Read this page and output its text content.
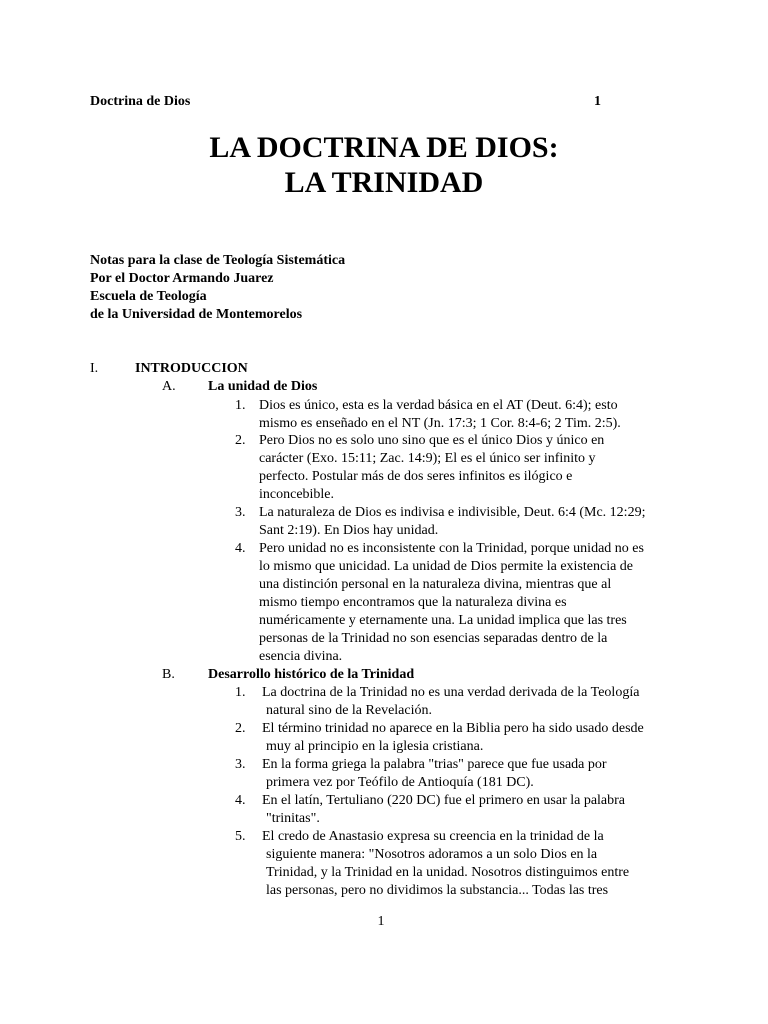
Doctrina de Dios	1
LA DOCTRINA DE DIOS:
LA TRINIDAD
Notas para la clase de Teología Sistemática
Por el Doctor Armando Juarez
Escuela de Teología
de la Universidad de Montemorelos
I.	INTRODUCCION
A. La unidad de Dios
1. Dios es único, esta es la verdad básica en el AT (Deut. 6:4); esto
mismo es enseñado en el NT (Jn. 17:3; 1 Cor. 8:4-6; 2 Tim. 2:5).
2. Pero Dios no es solo uno sino que es el único Dios y único en
carácter (Exo. 15:11; Zac. 14:9); El es el único ser infinito y
perfecto. Postular más de dos seres infinitos es ilógico e
inconcebible.
3. La naturaleza de Dios es indivisa e indivisible, Deut. 6:4 (Mc. 12:29;
Sant 2:19). En Dios hay unidad.
4. Pero unidad no es inconsistente con la Trinidad, porque unidad no es
lo mismo que unicidad. La unidad de Dios permite la existencia de
una distinción personal en la naturaleza divina, mientras que al
mismo tiempo encontramos que la naturaleza divina es
numéricamente y eternamente una. La unidad implica que las tres
personas de la Trinidad no son esencias separadas dentro de la
esencia divina.
B. Desarrollo histórico de la Trinidad
1. La doctrina de la Trinidad no es una verdad derivada de la Teología
natural sino de la Revelación.
2. El término trinidad no aparece en la Biblia pero ha sido usado desde
muy al principio en la iglesia cristiana.
3. En la forma griega la palabra "trias" parece que fue usada por
primera vez por Teófilo de Antioquía (181 DC).
4. En el latín, Tertuliano (220 DC) fue el primero en usar la palabra
"trinitas".
5. El credo de Anastasio expresa su creencia en la trinidad de la
siguiente manera: "Nosotros adoramos a un solo Dios en la
Trinidad, y la Trinidad en la unidad. Nosotros distinguimos entre
las personas, pero no dividimos la substancia... Todas las tres
1
